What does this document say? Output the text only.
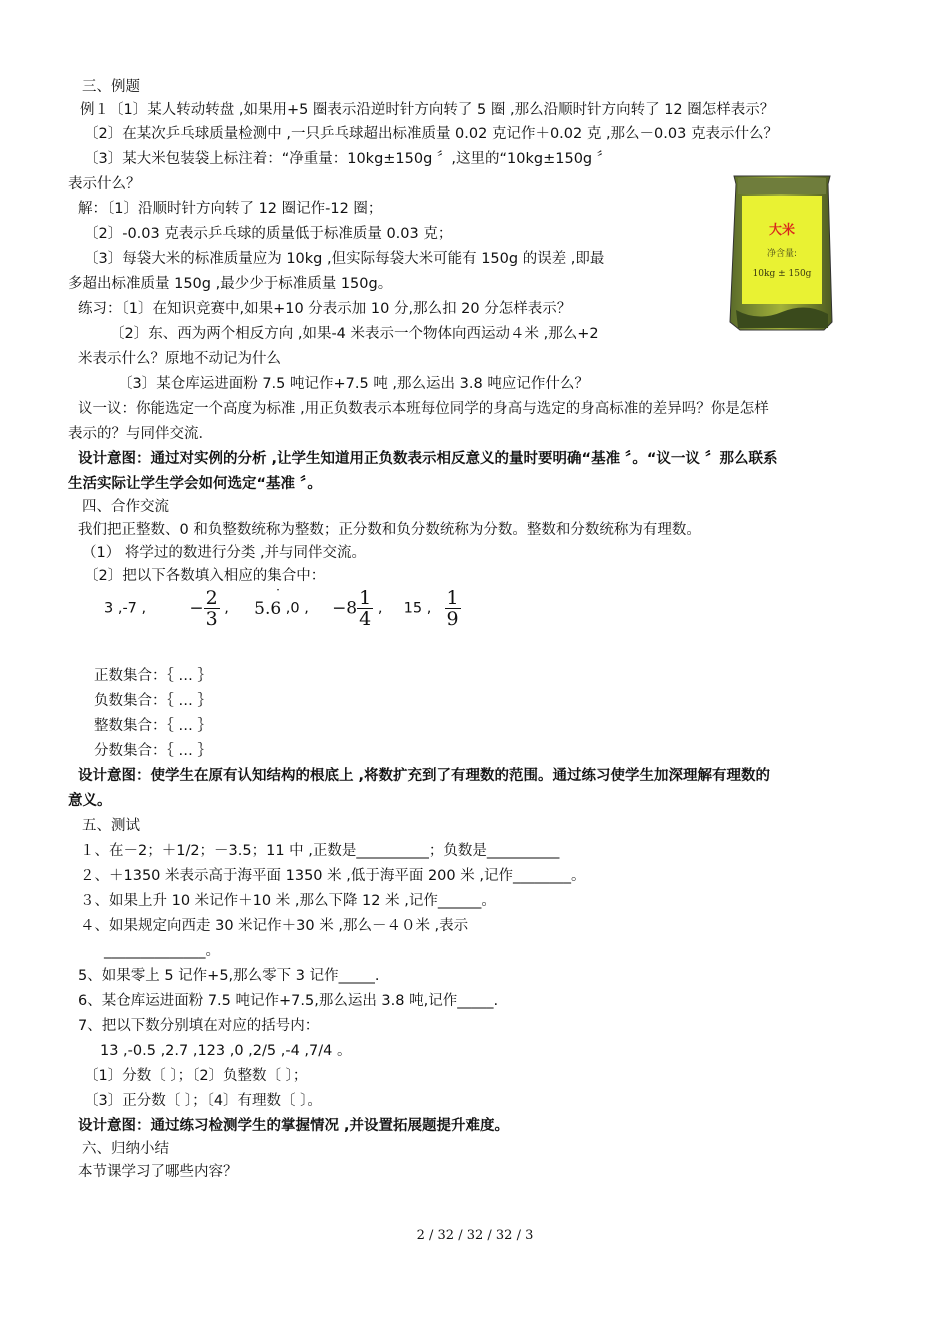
三、例题
例１〔1〕某人转动转盘 ,如果用+5 圈表示沿逆时针方向转了 5 圈 ,那么沿顺时针方向转了 12 圈怎样表示？
〔2〕在某次乒乓球质量检测中 ,一只乒乓球超出标准质量 0.02 克记作＋0.02 克 ,那么－0.03 克表示什么？
〔3〕某大米包装袋上标注着：“净重量：10kg±150g 〞,这里的“10kg±150g 〞
表示什么？
解：〔1〕沿顺时针方向转了 12 圈记作-12 圈；
〔2〕-0.03 克表示乒乓球的质量低于标准质量 0.03 克；
〔3〕每袋大米的标准质量应为 10kg ,但实际每袋大米可能有 150g 的误差 ,即最
多超出标准质量 150g ,最少少于标准质量 150g。
练习：〔1〕在知识竞赛中,如果+10 分表示加 10 分,那么扣 20 分怎样表示？
〔2〕东、西为两个相反方向 ,如果-4 米表示一个物体向西运动４米 ,那么+2
米表示什么？原地不动记为什么
〔3〕某仓库运进面粉 7.5 吨记作+7.5 吨 ,那么运出 3.8 吨应记作什么？
议一议：你能选定一个高度为标准 ,用正负数表示本班每位同学的身高与选定的身高标准的差异吗？你是怎样
表示的？与同伴交流．
设计意图：通过对实例的分析 ,让学生知道用正负数表示相反意义的量时要明确“基准 〞。“议一议 〞那么联系
生活实际让学生学会如何选定“基准 〞。
四、合作交流
我们把正整数、0 和负整数统称为整数；正分数和负分数统称为分数。整数和分数统称为有理数。
（1） 将学过的数进行分类 ,并与同伴交流。
〔2〕把以下各数填入相应的集合中：
3 ,-7 ,	− $\frac{2}{3}$ , 5.6
·
,0 , $-8 \frac{1}{4}$ , 15 , $\frac{1}{9}$
正数集合：｛ … ｝
负数集合：｛ … ｝
整数集合：｛ … ｝
分数集合：｛ … ｝
设计意图：使学生在原有认知结构的根底上 ,将数扩充到了有理数的范围。通过练习使学生加深理解有理数的
意义。
五、测试
１、在－2；＋1/2；－3.5；11 中 ,正数是__________；负数是__________
２、＋1350 米表示高于海平面 1350 米 ,低于海平面 200 米 ,记作________。
３、如果上升 10 米记作＋10 米 ,那么下降 12 米 ,记作______。
４、如果规定向西走 30 米记作＋30 米 ,那么－４０米 ,表示
______________。
5、如果零上 5 记作+5,那么零下 3 记作_____.
6、某仓库运进面粉 7.5 吨记作+7.5,那么运出 3.8 吨,记作_____.
7、把以下数分别填在对应的括号内：
13 ,-0.5 ,2.7 ,123 ,0 ,2/5 ,-4 ,7/4 。
〔1〕分数〔 〕；〔2〕负整数〔 〕；
〔3〕正分数〔 〕；〔4〕有理数〔 〕。
设计意图：通过练习检测学生的掌握情况 ,并设置拓展题提升难度。
六、归纳小结
本节课学习了哪些内容？
大米
净含量:
10kg ± 150g
2 / 32 / 32 / 32 / 3
